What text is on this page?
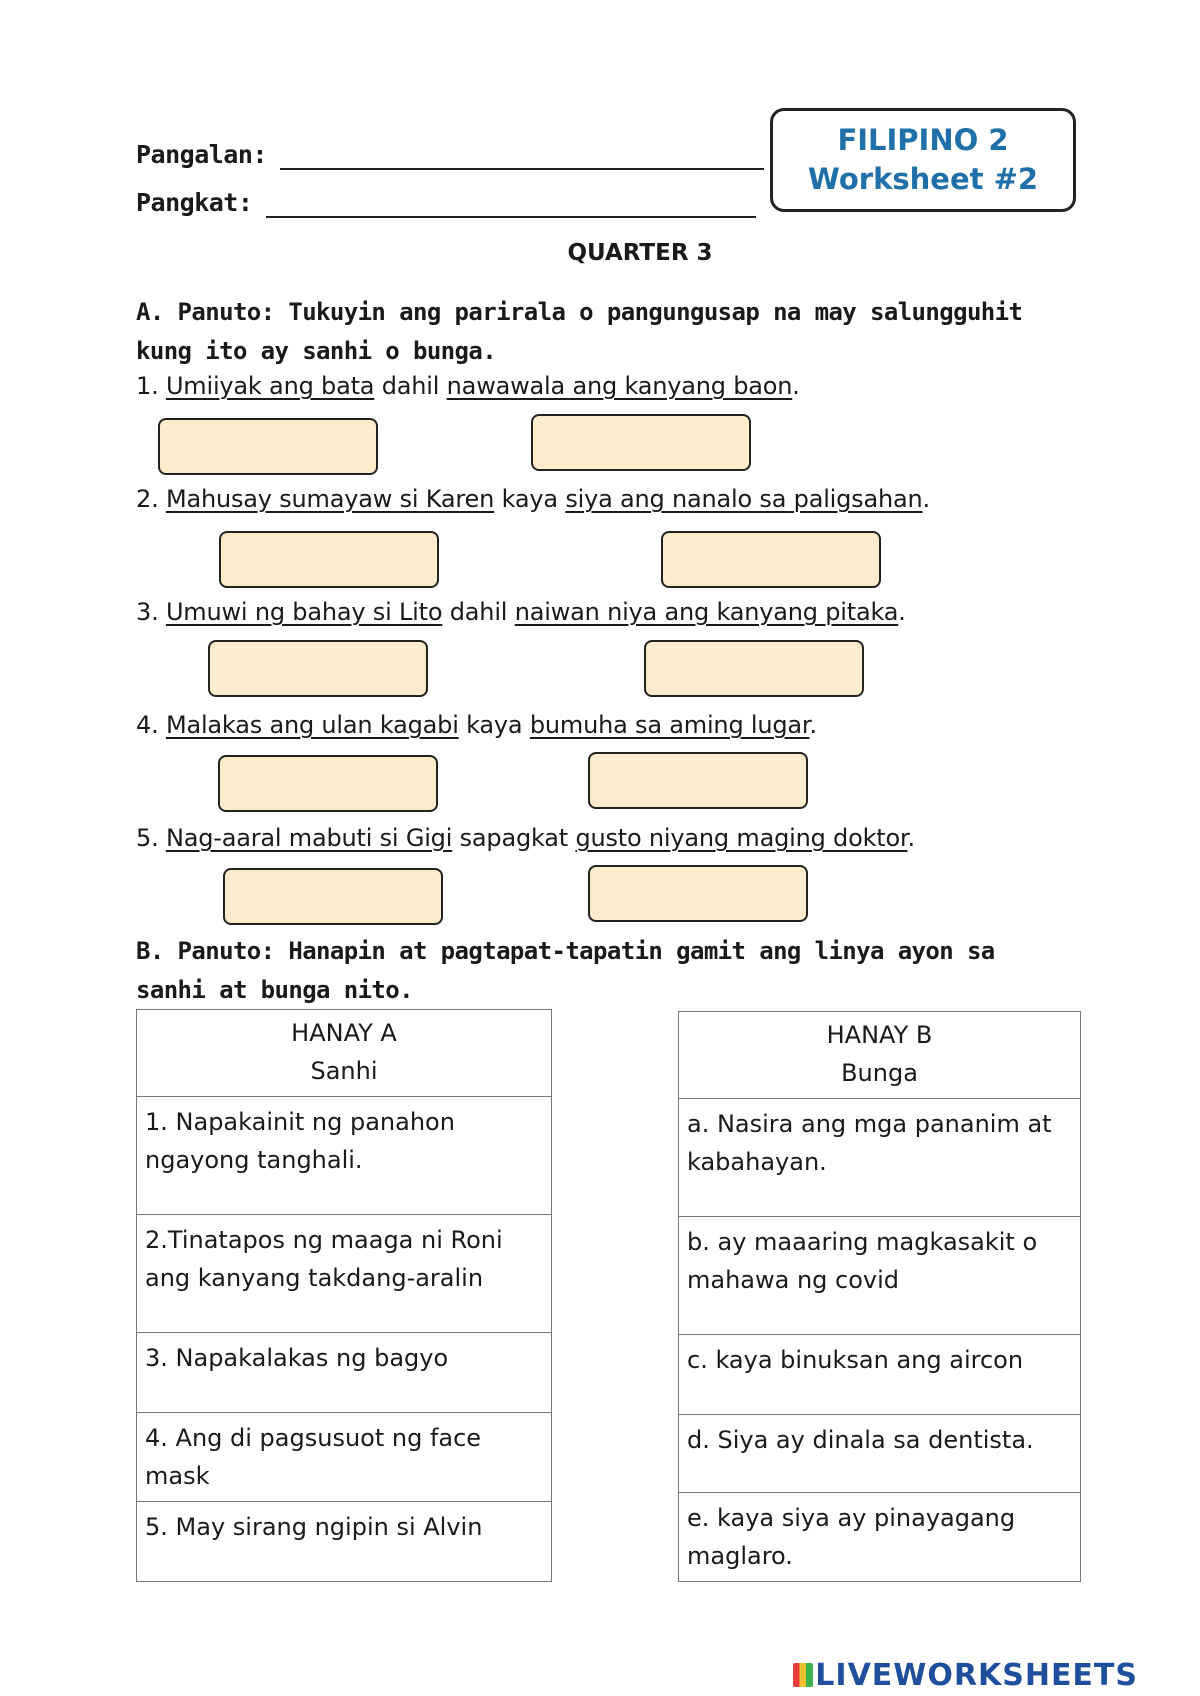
Pangalan:
Pangkat:
FILIPINO 2
Worksheet #2
QUARTER 3
A. Panuto: Tukuyin ang parirala o pangungusap na may salungguhit kung ito ay sanhi o bunga.
1. Umiiyak ang bata dahil nawawala ang kanyang baon.
2. Mahusay sumayaw si Karen kaya siya ang nanalo sa paligsahan.
3. Umuwi ng bahay si Lito dahil naiwan niya ang kanyang pitaka.
4. Malakas ang ulan kagabi kaya bumuha sa aming lugar.
5. Nag-aaral mabuti si Gigi sapagkat gusto niyang maging doktor.
B. Panuto: Hanapin at pagtapat-tapatin gamit ang linya ayon sa sanhi at bunga nito.
HANAY A
Sanhi

1. Napakainit ng panahon ngayong tanghali.
2.Tinatapos ng maaga ni Roni ang kanyang takdang-aralin
3. Napakalakas ng bagyo
4. Ang di pagsusuot ng face mask
5. May sirang ngipin si Alvin
HANAY B
Bunga

a. Nasira ang mga pananim at kabahayan.
b. ay maaaring magkasakit o mahawa ng covid
c. kaya binuksan ang aircon
d. Siya ay dinala sa dentista.
e. kaya siya ay pinayagang maglaro.
LIVEWORKSHEETS
